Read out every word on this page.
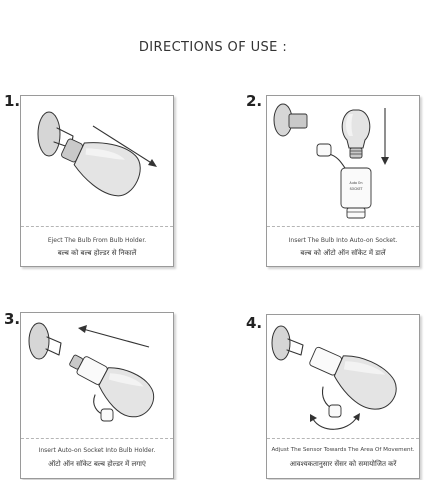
DIRECTIONS OF USE :
1.
Eject The Bulb From Bulb Holder.
बल्ब को बल्ब होल्डर से निकालें
2.
Auto On
SOCKET
Insert The Bulb Into Auto-on Socket.
बल्ब को ऑटो ऑन सॉकेट में डालें
3.
Insert Auto-on Socket Into Bulb Holder.
ऑटो ऑन सॉकेट बल्ब होल्डर में लगाएं
4.
Adjust The Sensor Towards The Area Of Movement.
आवश्यकतानुसार सेंसर को समायोजित करें
